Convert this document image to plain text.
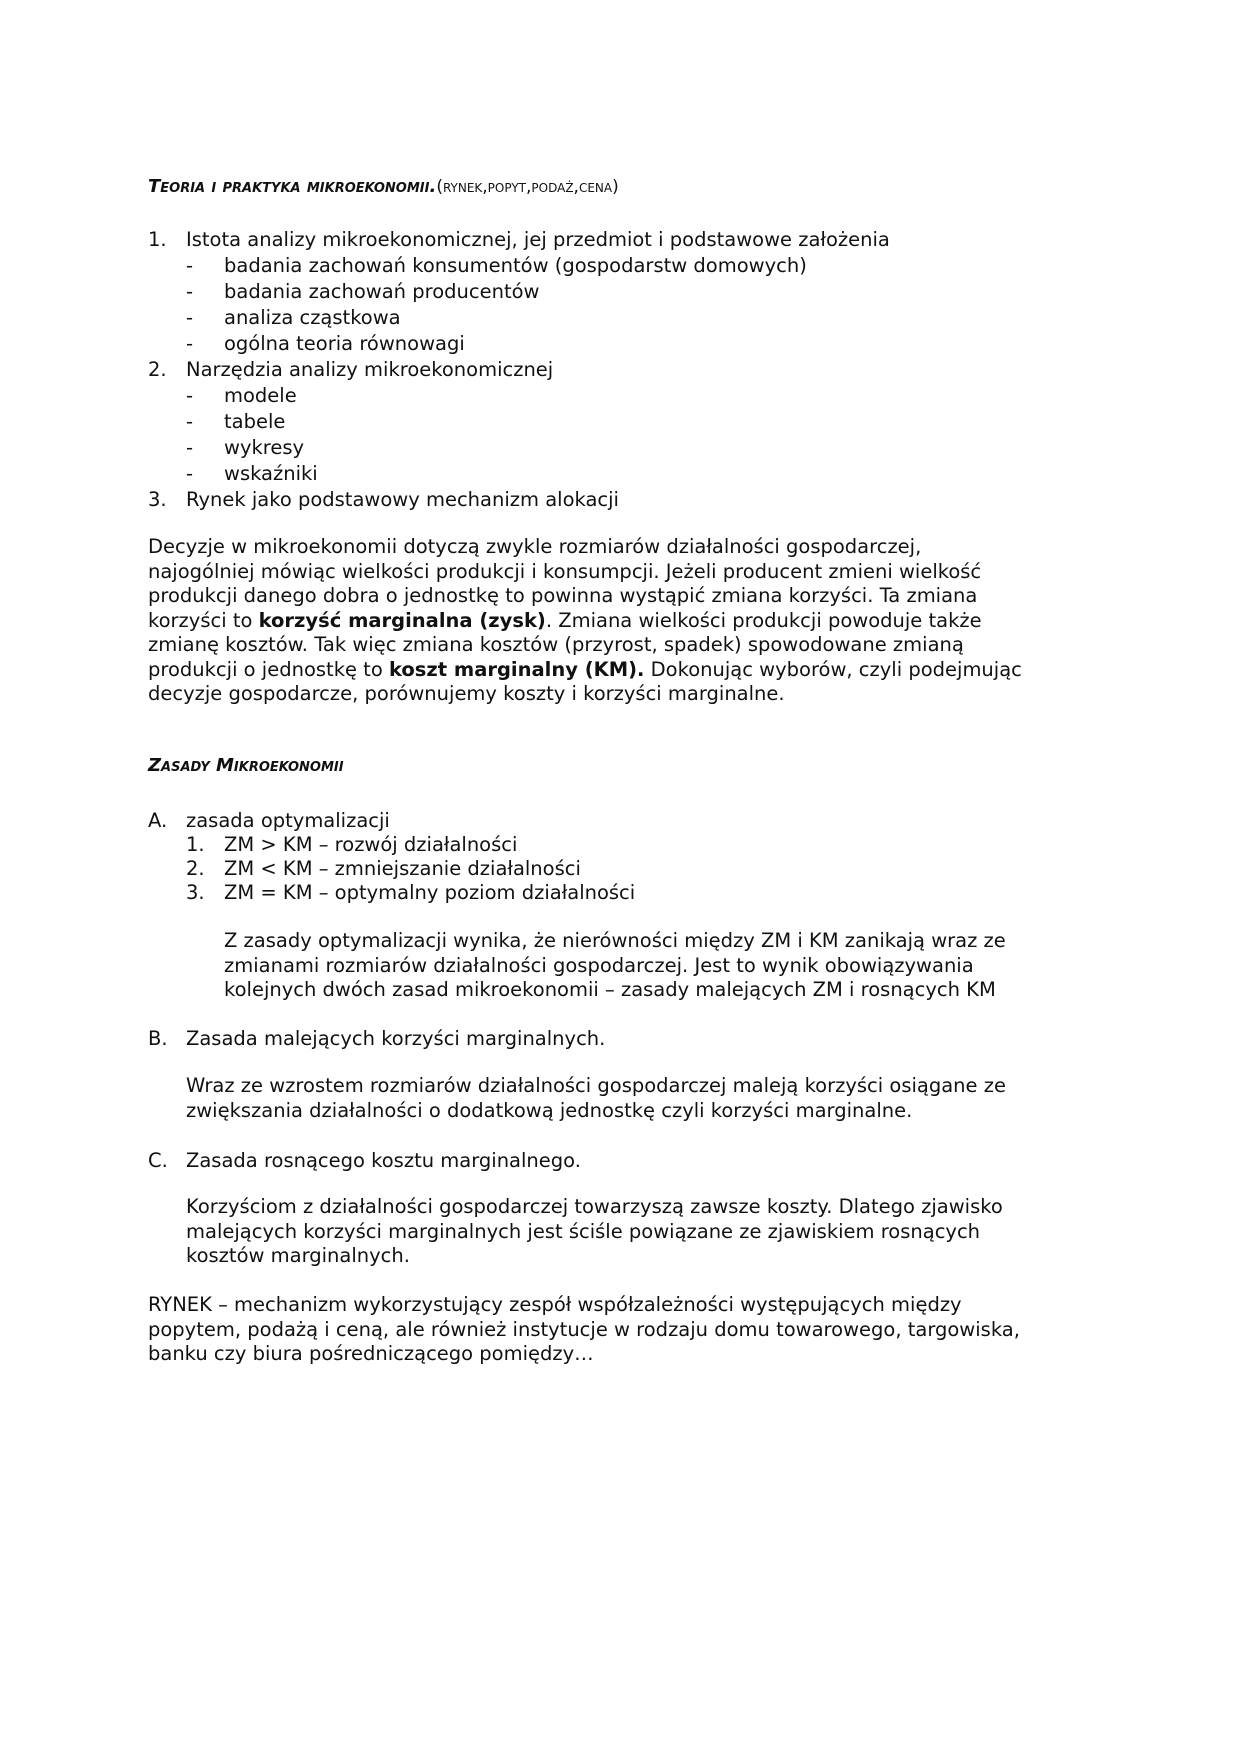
Teoria i praktyka mikroekonomii.(rynek,popyt,podaż,cena)
1. Istota analizy mikroekonomicznej, jej przedmiot i podstawowe założenia
- badania zachowań konsumentów (gospodarstw domowych)
- badania zachowań producentów
- analiza cząstkowa
- ogólna teoria równowagi
2. Narzędzia analizy mikroekonomicznej
- modele
- tabele
- wykresy
- wskaźniki
3. Rynek jako podstawowy mechanizm alokacji
Decyzje w mikroekonomii dotyczą zwykle rozmiarów działalności gospodarczej,
najogólniej mówiąc wielkości produkcji i konsumpcji. Jeżeli producent zmieni wielkość
produkcji danego dobra o jednostkę to powinna wystąpić zmiana korzyści. Ta zmiana
korzyści to korzyść marginalna (zysk). Zmiana wielkości produkcji powoduje także
zmianę kosztów. Tak więc zmiana kosztów (przyrost, spadek) spowodowane zmianą
produkcji o jednostkę to koszt marginalny (KM). Dokonując wyborów, czyli podejmując
decyzje gospodarcze, porównujemy koszty i korzyści marginalne.
Zasady Mikroekonomii
A. zasada optymalizacji
1. ZM > KM – rozwój działalności
2. ZM < KM – zmniejszanie działalności
3. ZM = KM – optymalny poziom działalności
Z zasady optymalizacji wynika, że nierówności między ZM i KM zanikają wraz ze
zmianami rozmiarów działalności gospodarczej. Jest to wynik obowiązywania
kolejnych dwóch zasad mikroekonomii – zasady malejących ZM i rosnących KM
B. Zasada malejących korzyści marginalnych.
Wraz ze wzrostem rozmiarów działalności gospodarczej maleją korzyści osiągane ze
zwiększania działalności o dodatkową jednostkę czyli korzyści marginalne.
C. Zasada rosnącego kosztu marginalnego.
Korzyściom z działalności gospodarczej towarzyszą zawsze koszty. Dlatego zjawisko
malejących korzyści marginalnych jest ściśle powiązane ze zjawiskiem rosnących
kosztów marginalnych.
RYNEK – mechanizm wykorzystujący zespół współzależności występujących między
popytem, podażą i ceną, ale również instytucje w rodzaju domu towarowego, targowiska,
banku czy biura pośredniczącego pomiędzy…
